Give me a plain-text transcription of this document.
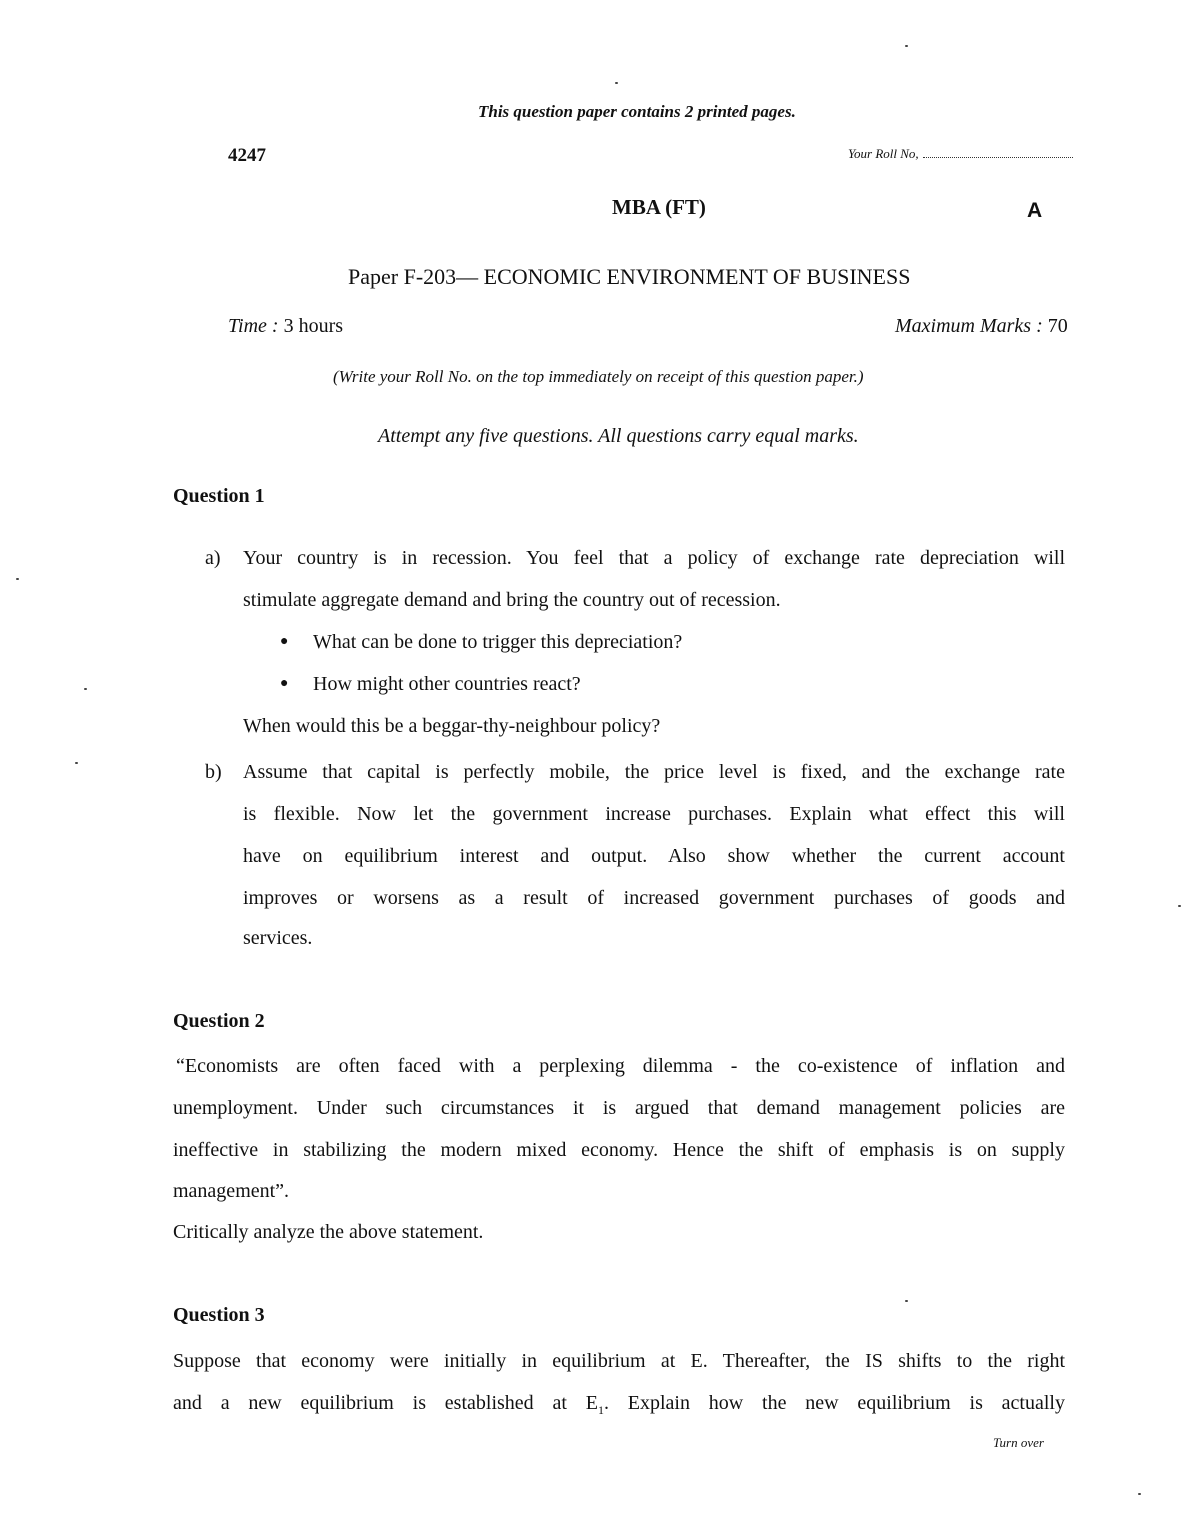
This question paper contains 2 printed pages.
4247	Your Roll No,
MBA (FT)	A
Paper F-203— ECONOMIC ENVIRONMENT OF BUSINESS
Time : 3 hours	Maximum Marks : 70
(Write your Roll No. on the top immediately on receipt of this question paper.)
Attempt any five questions. All questions carry equal marks.
Question 1
a) Your country is in recession. You feel that a policy of exchange rate depreciation will
stimulate aggregate demand and bring the country out of recession.
● What can be done to trigger this depreciation?
● How might other countries react?
When would this be a beggar-thy-neighbour policy?
b) Assume that capital is perfectly mobile, the price level is fixed, and the exchange rate
is flexible. Now let the government increase purchases. Explain what effect this will
have on equilibrium interest and output. Also show whether the current account
improves or worsens as a result of increased government purchases of goods and
services.
Question 2
“Economists are often faced with a perplexing dilemma - the co-existence of inflation and
unemployment. Under such circumstances it is argued that demand management policies are
ineffective in stabilizing the modern mixed economy. Hence the shift of emphasis is on supply
management”.
Critically analyze the above statement.
Question 3
Suppose that economy were initially in equilibrium at E. Thereafter, the IS shifts to the right
and a new equilibrium is established at $E_1$. Explain how the new equilibrium is actually
Turn over
